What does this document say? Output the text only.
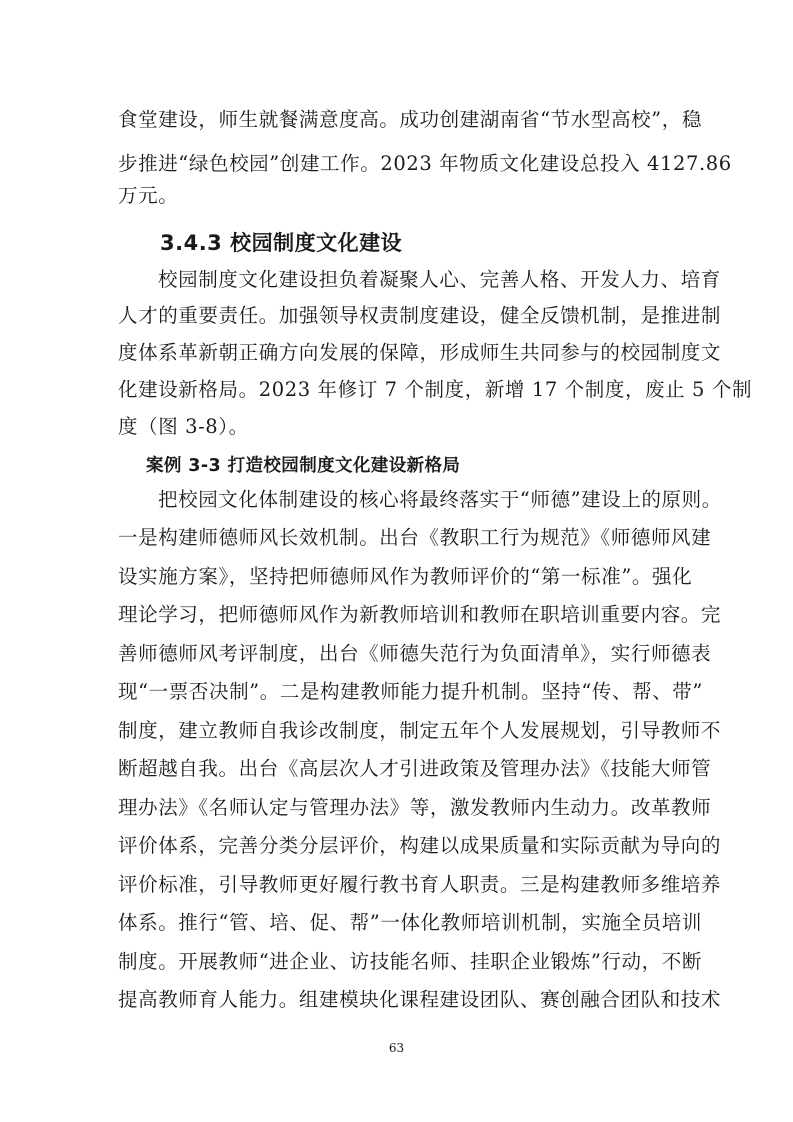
食堂建设，师生就餐满意度高。成功创建湖南省“节水型高校”，稳
步推进“绿色校园”创建工作。2023 年物质文化建设总投入 4127.86
万元。
3.4.3 校园制度文化建设
校园制度文化建设担负着凝聚人心、完善人格、开发人力、培育
人才的重要责任。加强领导权责制度建设，健全反馈机制，是推进制
度体系革新朝正确方向发展的保障，形成师生共同参与的校园制度文
化建设新格局。2023 年修订 7 个制度，新增 17 个制度，废止 5 个制
度（图 3-8）。
案例 3-3 打造校园制度文化建设新格局
把校园文化体制建设的核心将最终落实于“师德”建设上的原则。
一是构建师德师风长效机制。出台《教职工行为规范》《师德师风建
设实施方案》，坚持把师德师风作为教师评价的“第一标准”。强化
理论学习，把师德师风作为新教师培训和教师在职培训重要内容。完
善师德师风考评制度，出台《师德失范行为负面清单》，实行师德表
现“一票否决制”。二是构建教师能力提升机制。坚持“传、帮、带”
制度，建立教师自我诊改制度，制定五年个人发展规划，引导教师不
断超越自我。出台《高层次人才引进政策及管理办法》《技能大师管
理办法》《名师认定与管理办法》等，激发教师内生动力。改革教师
评价体系，完善分类分层评价，构建以成果质量和实际贡献为导向的
评价标准，引导教师更好履行教书育人职责。三是构建教师多维培养
体系。推行“管、培、促、帮”一体化教师培训机制，实施全员培训
制度。开展教师“进企业、访技能名师、挂职企业锻炼”行动，不断
提高教师育人能力。组建模块化课程建设团队、赛创融合团队和技术
63
